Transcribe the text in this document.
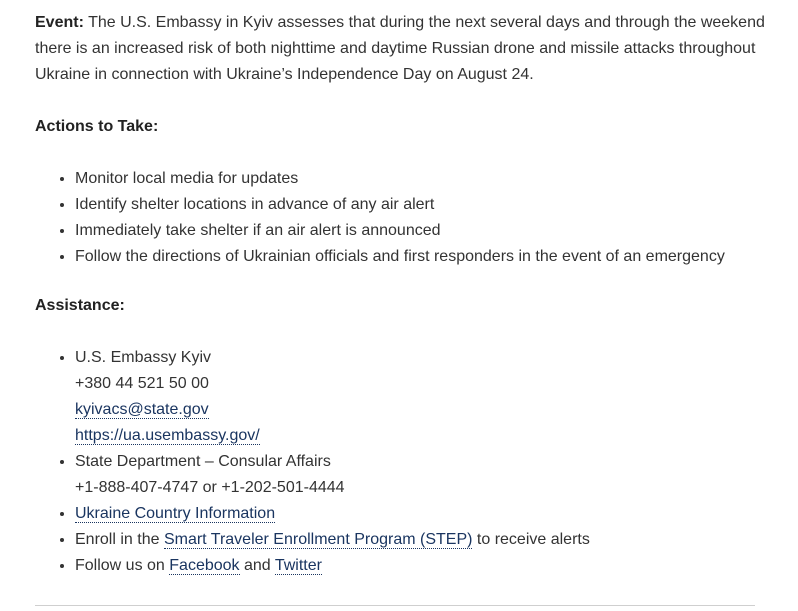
Event: The U.S. Embassy in Kyiv assesses that during the next several days and through the weekend there is an increased risk of both nighttime and daytime Russian drone and missile attacks throughout Ukraine in connection with Ukraine’s Independence Day on August 24.

Actions to Take:

• Monitor local media for updates
• Identify shelter locations in advance of any air alert
• Immediately take shelter if an air alert is announced
• Follow the directions of Ukrainian officials and first responders in the event of an emergency

Assistance:

• U.S. Embassy Kyiv
+380 44 521 50 00
kyivacs@state.gov
https://ua.usembassy.gov/
• State Department – Consular Affairs
+1-888-407-4747 or +1-202-501-4444
• Ukraine Country Information
• Enroll in the Smart Traveler Enrollment Program (STEP) to receive alerts
• Follow us on Facebook and Twitter
